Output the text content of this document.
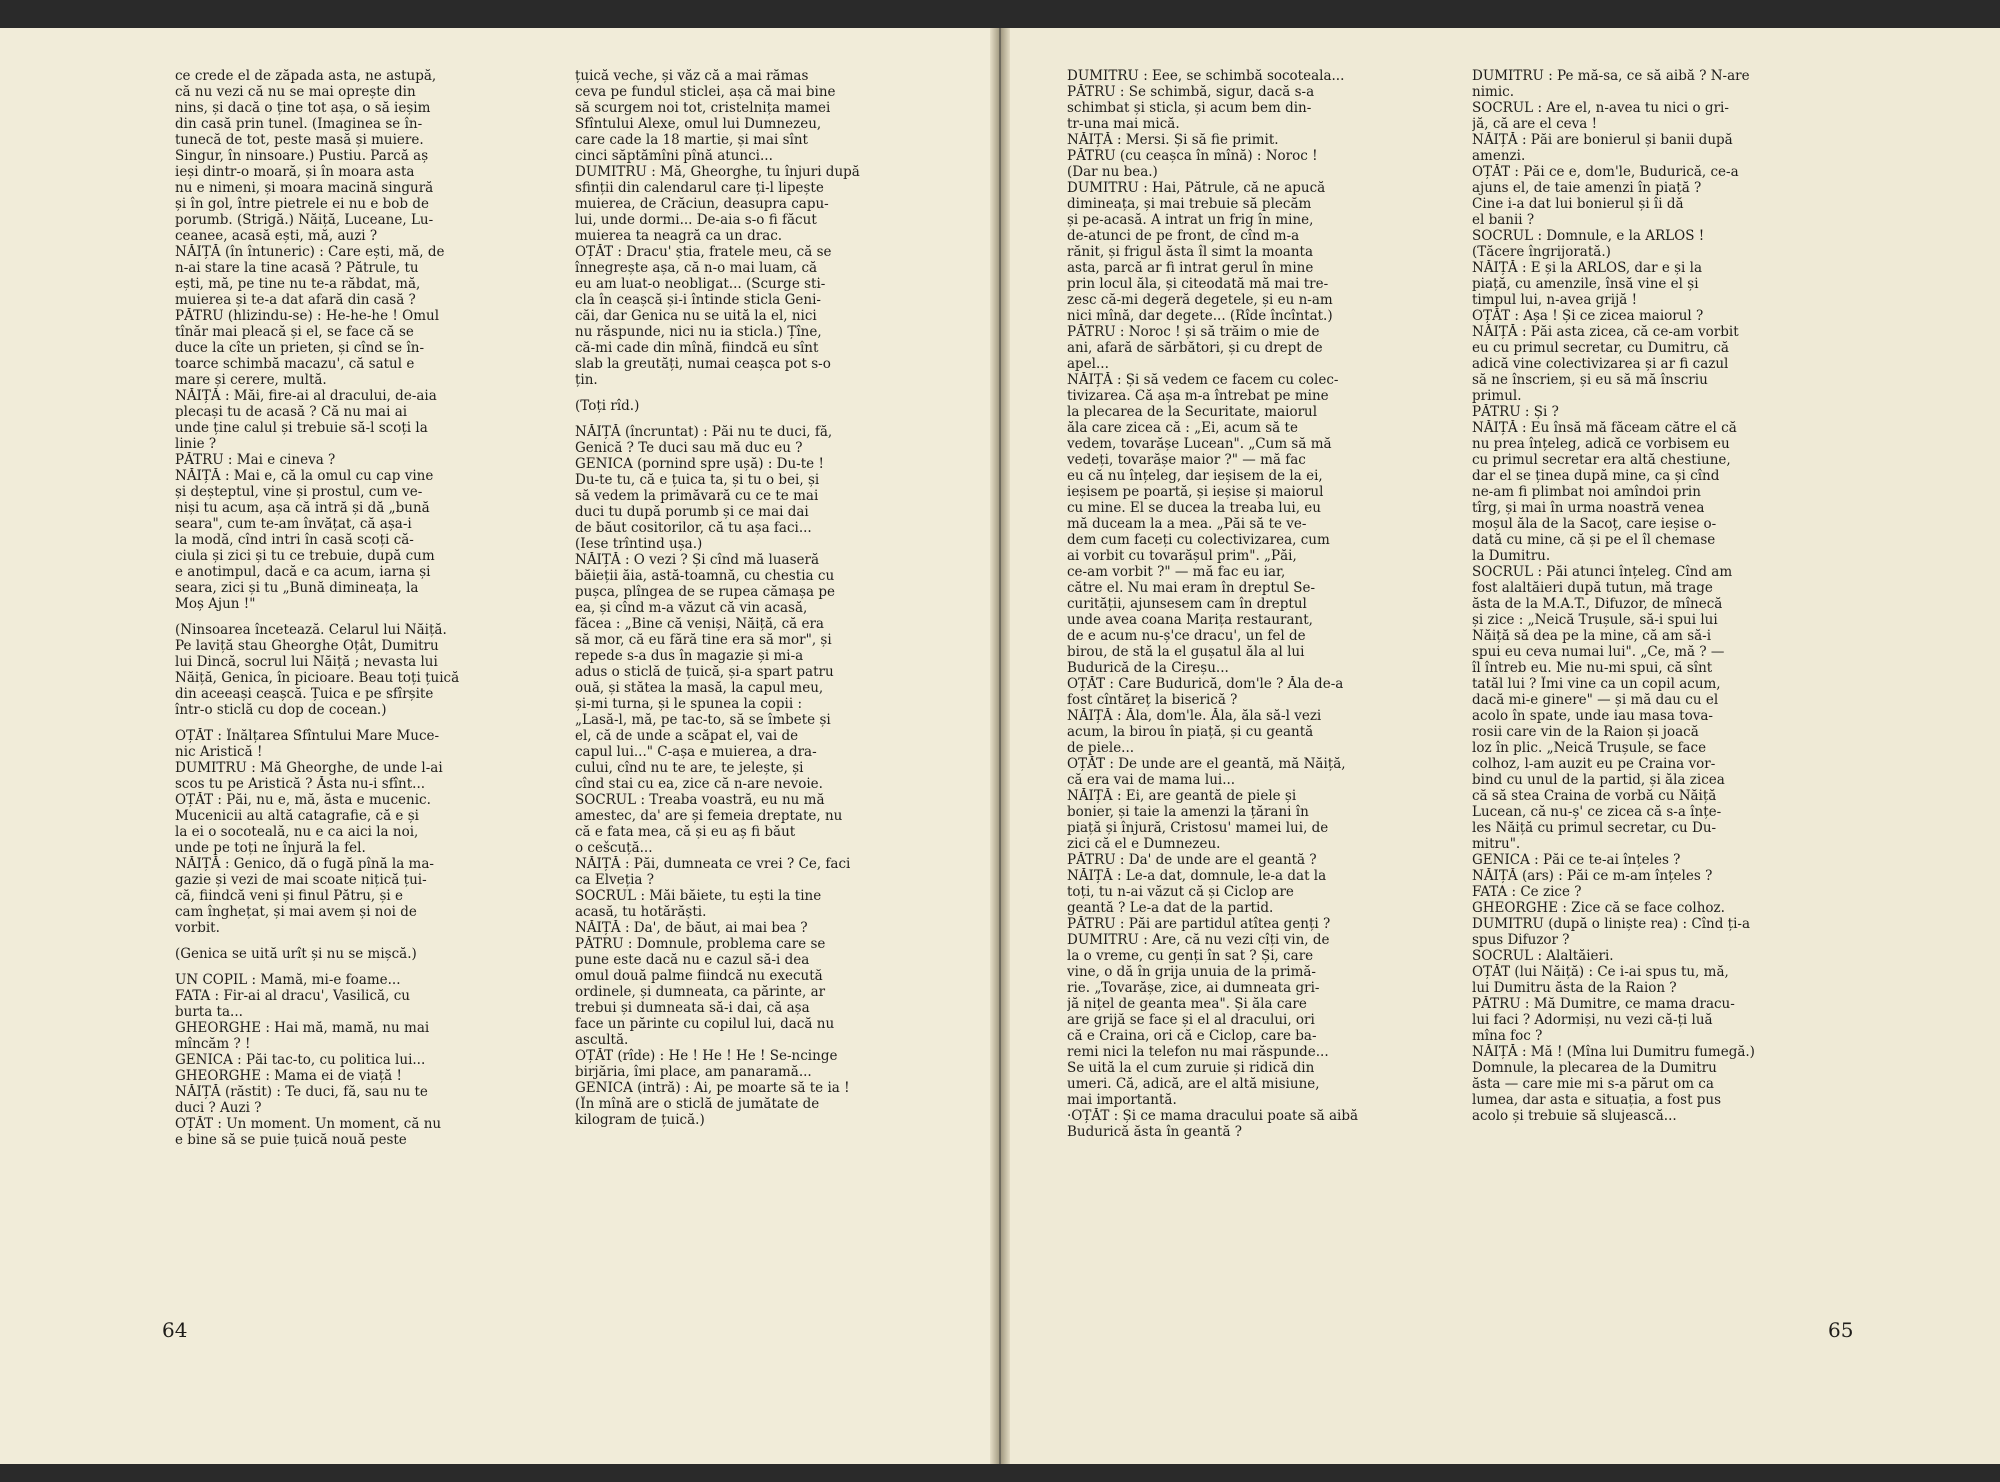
ce crede el de zăpada asta, ne astupă,
că nu vezi că nu se mai oprește din
nins, și dacă o ține tot așa, o să ieșim
din casă prin tunel. (Imaginea se în-
tunecă de tot, peste masă și muiere.
Singur, în ninsoare.) Pustiu. Parcă aș
ieși dintr-o moară, și în moara asta
nu e nimeni, și moara macină singură
și în gol, între pietrele ei nu e bob de
porumb. (Strigă.) Năiță, Luceane, Lu-
ceanee, acasă ești, mă, auzi ?
NĂIȚĂ (în întuneric) : Care ești, mă, de
n-ai stare la tine acasă ? Pătrule, tu
ești, mă, pe tine nu te-a răbdat, mă,
muierea și te-a dat afară din casă ?
PĂTRU (hlizindu-se) : He-he-he ! Omul
tînăr mai pleacă și el, se face că se
duce la cîte un prieten, și cînd se în-
toarce schimbă macazu', că satul e
mare și cerere, multă.
NĂIȚĂ : Măi, fire-ai al dracului, de-aia
plecași tu de acasă ? Că nu mai ai
unde ține calul și trebuie să-l scoți la
linie ?
PĂTRU : Mai e cineva ?
NĂIȚĂ : Mai e, că la omul cu cap vine
și deșteptul, vine și prostul, cum ve-
niși tu acum, așa că intră și dă „bună
seara", cum te-am învățat, că așa-i
la modă, cînd intri în casă scoți că-
ciula și zici și tu ce trebuie, după cum
e anotimpul, dacă e ca acum, iarna și
seara, zici și tu „Bună dimineața, la
Moș Ajun !"
(Ninsoarea încetează. Celarul lui Năiță.
Pe laviță stau Gheorghe Oțât, Dumitru
lui Dincă, socrul lui Năiță ; nevasta lui
Năiță, Genica, în picioare. Beau toți țuică
din aceeași ceașcă. Țuica e pe sfîrșite
într-o sticlă cu dop de cocean.)
OȚĂT : Înălțarea Sfîntului Mare Muce-
nic Aristică !
DUMITRU : Mă Gheorghe, de unde l-ai
scos tu pe Aristică ? Ăsta nu-i sfînt...
OȚĂT : Păi, nu e, mă, ăsta e mucenic.
Mucenicii au altă catagrafie, că e și
la ei o socoteală, nu e ca aici la noi,
unde pe toți ne înjură la fel.
NĂIȚĂ : Genico, dă o fugă pînă la ma-
gazie și vezi de mai scoate nițică țui-
că, fiindcă veni și finul Pătru, și e
cam înghețat, și mai avem și noi de
vorbit.
(Genica se uită urît și nu se mișcă.)
UN COPIL : Mamă, mi-e foame...
FATA : Fir-ai al dracu', Vasilică, cu
burta ta...
GHEORGHE : Hai mă, mamă, nu mai
mîncăm ? !
GENICA : Păi tac-to, cu politica lui...
GHEORGHE : Mama ei de viață !
NĂIȚĂ (răstit) : Te duci, fă, sau nu te
duci ? Auzi ?
OȚĂT : Un moment. Un moment, că nu
e bine să se puie țuică nouă peste
țuică veche, și văz că a mai rămas
ceva pe fundul sticlei, așa că mai bine
să scurgem noi tot, cristelnița mamei
Sfîntului Alexe, omul lui Dumnezeu,
care cade la 18 martie, și mai sînt
cinci săptămîni pînă atunci...
DUMITRU : Mă, Gheorghe, tu înjuri după
sfinții din calendarul care ți-l lipește
muierea, de Crăciun, deasupra capu-
lui, unde dormi... De-aia s-o fi făcut
muierea ta neagră ca un drac.
OȚĂT : Dracu' știa, fratele meu, că se
înnegrește așa, că n-o mai luam, că
eu am luat-o neobligat... (Scurge sti-
cla în ceașcă și-i întinde sticla Geni-
căi, dar Genica nu se uită la el, nici
nu răspunde, nici nu ia sticla.) Țîne,
că-mi cade din mînă, fiindcă eu sînt
slab la greutăți, numai ceașca pot s-o
țin.
(Toți rîd.)
NĂIȚĂ (încruntat) : Păi nu te duci, fă,
Genică ? Te duci sau mă duc eu ?
GENICA (pornind spre ușă) : Du-te !
Du-te tu, că e țuica ta, și tu o bei, și
să vedem la primăvară cu ce te mai
duci tu după porumb și ce mai dai
de băut cositorilor, că tu așa faci...
(Iese trîntind ușa.)
NĂIȚĂ : O vezi ? Și cînd mă luaseră
băieții ăia, astă-toamnă, cu chestia cu
pușca, plîngea de se rupea cămașa pe
ea, și cînd m-a văzut că vin acasă,
făcea : „Bine că veniși, Năiță, că era
să mor, că eu fără tine era să mor", și
repede s-a dus în magazie și mi-a
adus o sticlă de țuică, și-a spart patru
ouă, și stătea la masă, la capul meu,
și-mi turna, și le spunea la copii :
„Lasă-l, mă, pe tac-to, să se îmbete și
el, că de unde a scăpat el, vai de
capul lui..." C-așa e muierea, a dra-
cului, cînd nu te are, te jelește, și
cînd stai cu ea, zice că n-are nevoie.
SOCRUL : Treaba voastră, eu nu mă
amestec, da' are și femeia dreptate, nu
că e fata mea, că și eu aș fi băut
o cešcuță...
NĂIȚĂ : Păi, dumneata ce vrei ? Ce, faci
ca Elveția ?
SOCRUL : Măi băiete, tu ești la tine
acasă, tu hotărăști.
NĂIȚĂ : Da', de băut, ai mai bea ?
PĂTRU : Domnule, problema care se
pune este dacă nu e cazul să-i dea
omul două palme fiindcă nu execută
ordinele, și dumneata, ca părinte, ar
trebui și dumneata să-i dai, că așa
face un părinte cu copilul lui, dacă nu
ascultă.
OȚĂT (rîde) : He ! He ! He ! Se-ncinge
birjăria, îmi place, am panaramă...
GENICA (intră) : Ai, pe moarte să te ia !
(În mînă are o sticlă de jumătate de
kilogram de țuică.)
DUMITRU : Eee, se schimbă socoteala...
PĂTRU : Se schimbă, sigur, dacă s-a
schimbat și sticla, și acum bem din-
tr-una mai mică.
NĂIȚĂ : Mersi. Și să fie primit.
PĂTRU (cu ceașca în mînă) : Noroc !
(Dar nu bea.)
DUMITRU : Hai, Pătrule, că ne apucă
dimineața, și mai trebuie să plecăm
și pe-acasă. A intrat un frig în mine,
de-atunci de pe front, de cînd m-a
rănit, și frigul ăsta îl simt la moanta
asta, parcă ar fi intrat gerul în mine
prin locul ăla, și citeodată mă mai tre-
zesc că-mi degeră degetele, și eu n-am
nici mînă, dar degete... (Rîde încîntat.)
PĂTRU : Noroc ! și să trăim o mie de
ani, afară de sărbători, și cu drept de
apel...
NĂIȚĂ : Și să vedem ce facem cu colec-
tivizarea. Că așa m-a întrebat pe mine
la plecarea de la Securitate, maiorul
ăla care zicea că : „Ei, acum să te
vedem, tovarășe Lucean". „Cum să mă
vedeți, tovarășe maior ?" — mă fac
eu că nu înțeleg, dar ieșisem de la ei,
ieșisem pe poartă, și ieșise și maiorul
cu mine. El se ducea la treaba lui, eu
mă duceam la a mea. „Păi să te ve-
dem cum faceți cu colectivizarea, cum
ai vorbit cu tovarășul prim". „Păi,
ce-am vorbit ?" — mă fac eu iar,
către el. Nu mai eram în dreptul Se-
curității, ajunsesem cam în dreptul
unde avea coana Marița restaurant,
de e acum nu-ș'ce dracu', un fel de
birou, de stă la el gușatul ăla al lui
Budurică de la Cireșu...
OȚĂT : Care Budurică, dom'le ? Ăla de-a
fost cîntăreț la biserică ?
NĂIȚĂ : Ăla, dom'le. Ăla, ăla să-l vezi
acum, la birou în piață, și cu geantă
de piele...
OȚĂT : De unde are el geantă, mă Năiță,
că era vai de mama lui...
NĂIȚĂ : Ei, are geantă de piele și
bonier, și taie la amenzi la țărani în
piață și înjură, Cristosu' mamei lui, de
zici că el e Dumnezeu.
PĂTRU : Da' de unde are el geantă ?
NĂIȚĂ : Le-a dat, domnule, le-a dat la
toți, tu n-ai văzut că și Ciclop are
geantă ? Le-a dat de la partid.
PĂTRU : Păi are partidul atîtea genți ?
DUMITRU : Are, că nu vezi cîți vin, de
la o vreme, cu genți în sat ? Și, care
vine, o dă în grija unuia de la primă-
rie. „Tovarășe, zice, ai dumneata gri-
jă nițel de geanta mea". Și ăla care
are grijă se face și el al dracului, ori
că e Craina, ori că e Ciclop, care ba-
remi nici la telefon nu mai răspunde...
Se uită la el cum zuruie și ridică din
umeri. Că, adică, are el altă misiune,
mai importantă.
·OȚĂT : Și ce mama dracului poate să aibă
Budurică ăsta în geantă ?
DUMITRU : Pe mă-sa, ce să aibă ? N-are
nimic.
SOCRUL : Are el, n-avea tu nici o gri-
jă, că are el ceva !
NĂIȚĂ : Păi are bonierul și banii după
amenzi.
OȚĂT : Păi ce e, dom'le, Budurică, ce-a
ajuns el, de taie amenzi în piață ?
Cine i-a dat lui bonierul și îi dă
el banii ?
SOCRUL : Domnule, e la ARLOS !
(Tăcere îngrijorată.)
NĂIȚĂ : E și la ARLOS, dar e și la
piață, cu amenzile, însă vine el și
timpul lui, n-avea grijă !
OȚĂT : Așa ! Și ce zicea maiorul ?
NĂIȚĂ : Păi asta zicea, că ce-am vorbit
eu cu primul secretar, cu Dumitru, că
adică vine colectivizarea și ar fi cazul
să ne înscriem, și eu să mă înscriu
primul.
PĂTRU : Și ?
NĂIȚĂ : Eu însă mă făceam către el că
nu prea înțeleg, adică ce vorbisem eu
cu primul secretar era altă chestiune,
dar el se ținea după mine, ca și cînd
ne-am fi plimbat noi amîndoi prin
tîrg, și mai în urma noastră venea
moșul ăla de la Sacoț, care ieșise o-
dată cu mine, că și pe el îl chemase
la Dumitru.
SOCRUL : Păi atunci înțeleg. Cînd am
fost alaltăieri după tutun, mă trage
ăsta de la M.A.T., Difuzor, de mînecă
și zice : „Neică Trușule, să-i spui lui
Năiță să dea pe la mine, că am să-i
spui eu ceva numai lui". „Ce, mă ? —
îl întreb eu. Mie nu-mi spui, că sînt
tatăl lui ? Îmi vine ca un copil acum,
dacă mi-e ginere" — și mă dau cu el
acolo în spate, unde iau masa tova-
rosii care vin de la Raion și joacă
loz în plic. „Neică Trușule, se face
colhoz, l-am auzit eu pe Craina vor-
bind cu unul de la partid, și ăla zicea
că să stea Craina de vorbă cu Năiță
Lucean, că nu-ș' ce zicea că s-a înțe-
les Năiță cu primul secretar, cu Du-
mitru".
GENICA : Păi ce te-ai înțeles ?
NĂIȚĂ (ars) : Păi ce m-am înțeles ?
FATA : Ce zice ?
GHEORGHE : Zice că se face colhoz.
DUMITRU (după o liniște rea) : Cînd ți-a
spus Difuzor ?
SOCRUL : Alaltăieri.
OȚĂT (lui Năiță) : Ce i-ai spus tu, mă,
lui Dumitru ăsta de la Raion ?
PĂTRU : Mă Dumitre, ce mama dracu-
lui faci ? Adormiși, nu vezi că-ți luă
mîna foc ?
NĂIȚĂ : Mă ! (Mîna lui Dumitru fumegă.)
Domnule, la plecarea de la Dumitru
ăsta — care mie mi s-a părut om ca
lumea, dar asta e situația, a fost pus
acolo și trebuie să slujească...
64	65
